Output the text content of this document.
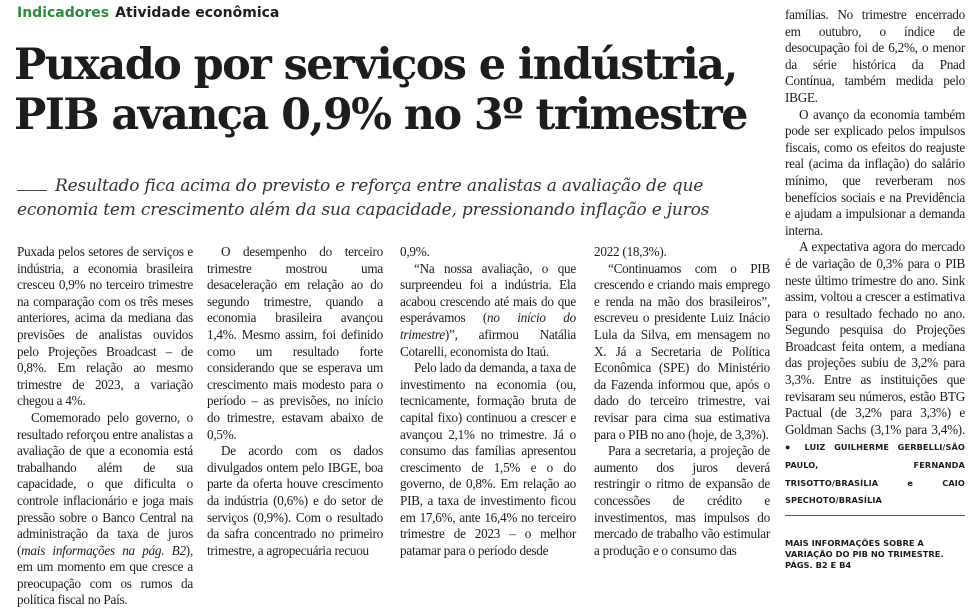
Indicadores Atividade econômica
Puxado por serviços e indústria,
PIB avança 0,9% no 3º trimestre

Resultado fica acima do previsto e reforça entre analistas a avaliação de que economia tem crescimento além da sua capacidade, pressionando inflação e juros

Puxada pelos setores de serviços e indústria, a economia brasileira cresceu 0,9% no terceiro trimestre na comparação com os três meses anteriores, acima da mediana das previsões de analistas ouvidos pelo Projeções Broadcast – de 0,8%. Em relação ao mesmo trimestre de 2023, a variação chegou a 4%.

Comemorado pelo governo, o resultado reforçou entre analistas a avaliação de que a economia está trabalhando além de sua capacidade, o que dificulta o controle inflacionário e joga mais pressão sobre o Banco Central na administração da taxa de juros (mais informações na pág. B2), em um momento em que cresce a preocupação com os rumos da política fiscal no País.

O desempenho do terceiro trimestre mostrou uma desaceleração em relação ao do segundo trimestre, quando a economia brasileira avançou 1,4%. Mesmo assim, foi definido como um resultado forte considerando que se esperava um crescimento mais modesto para o período – as previsões, no início do trimestre, estavam abaixo de 0,5%.

De acordo com os dados divulgados ontem pelo IBGE, boa parte da oferta houve crescimento da indústria (0,6%) e do setor de serviços (0,9%). Com o resultado da safra concentrado no primeiro trimestre, a agropecuária recuou

0,9%.

“Na nossa avaliação, o que surpreendeu foi a indústria. Ela acabou crescendo até mais do que esperávamos (no início do trimestre)”, afirmou Natália Cotarelli, economista do Itaú.

Pelo lado da demanda, a taxa de investimento na economia (ou, tecnicamente, formação bruta de capital fixo) continuou a crescer e avançou 2,1% no trimestre. Já o consumo das famílias apresentou crescimento de 1,5% e o do governo, de 0,8%. Em relação ao PIB, a taxa de investimento ficou em 17,6%, ante 16,4% no terceiro trimestre de 2023 – o melhor patamar para o período desde

2022 (18,3%).

“Continuamos com o PIB crescendo e criando mais emprego e renda na mão dos brasileiros”, escreveu o presidente Luiz Inácio Lula da Silva, em mensagem no X. Já a Secretaria de Política Econômica (SPE) do Ministério da Fazenda informou que, após o dado do terceiro trimestre, vai revisar para cima sua estimativa para o PIB no ano (hoje, de 3,3%).

Para a secretaria, a projeção de aumento dos juros deverá restringir o ritmo de expansão de concessões de crédito e investimentos, mas impulsos do mercado de trabalho vão estimular a produção e o consumo das

famílias. No trimestre encerrado em outubro, o índice de desocupação foi de 6,2%, o menor da série histórica da Pnad Contínua, também medida pelo IBGE.

O avanço da economia também pode ser explicado pelos impulsos fiscais, como os efeitos do reajuste real (acima da inflação) do salário mínimo, que reverberam nos benefícios sociais e na Previdência e ajudam a impulsionar a demanda interna.

A expectativa agora do mercado é de variação de 0,3% para o PIB neste último trimestre do ano. Sink assim, voltou a crescer a estimativa para o resultado fechado no ano. Segundo pesquisa do Projeções Broadcast feita ontem, a mediana das projeções subiu de 3,2% para 3,3%. Entre as instituições que revisaram seu números, estão BTG Pactual (de 3,2% para 3,3%) e Goldman Sachs (3,1% para 3,4%). ● LUIZ GUILHERME GERBELLI/SÃO PAULO, FERNANDA TRISOTTO/BRASÍLIA e CAIO SPECHOTO/BRASÍLIA

MAIS INFORMAÇÕES SOBRE A VARIAÇÃO DO PIB NO TRIMESTRE. PÁGS. B2 E B4
